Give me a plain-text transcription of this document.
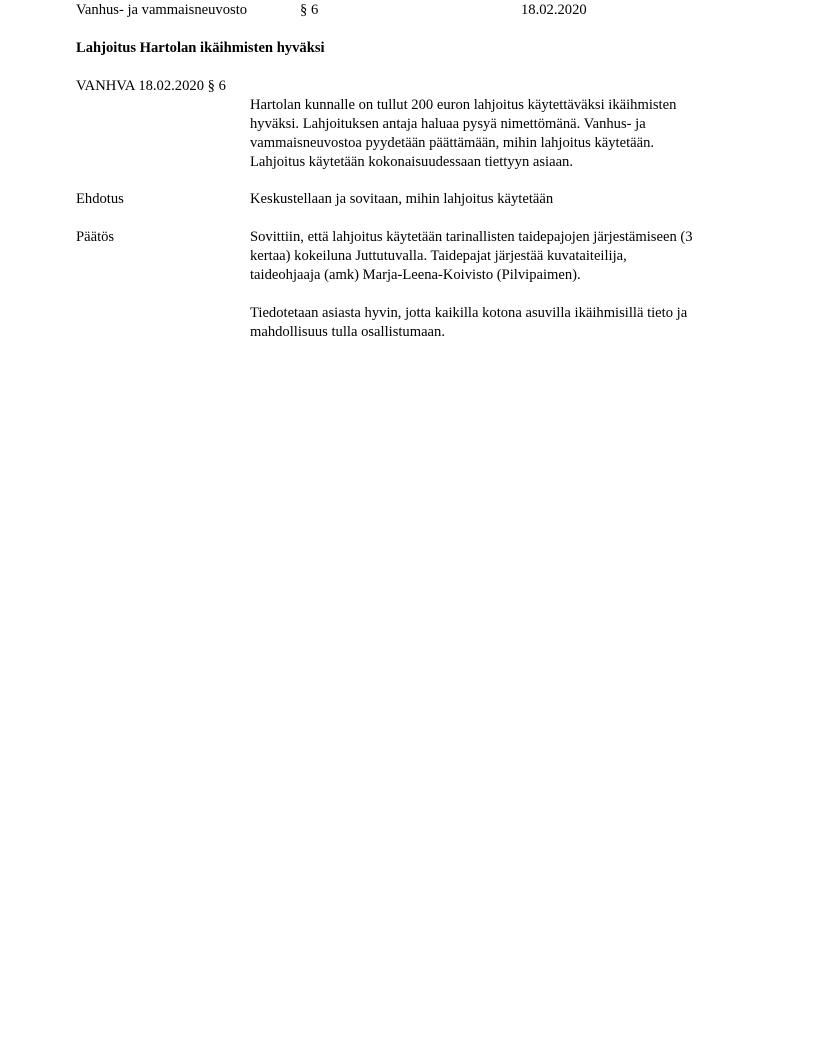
Vanhus- ja vammaisneuvosto	§ 6	18.02.2020
Lahjoitus Hartolan ikäihmisten hyväksi
VANHVA 18.02.2020 § 6
Hartolan kunnalle on tullut 200 euron lahjoitus käytettäväksi ikäihmisten
hyväksi. Lahjoituksen antaja haluaa pysyä nimettömänä. Vanhus- ja
vammaisneuvostoa pyydetään päättämään, mihin lahjoitus käytetään.
Lahjoitus käytetään kokonaisuudessaan tiettyyn asiaan.
Ehdotus	Keskustellaan ja sovitaan, mihin lahjoitus käytetään
Päätös	Sovittiin, että lahjoitus käytetään tarinallisten taidepajojen järjestämiseen (3
kertaa) kokeiluna Juttutuvalla. Taidepajat järjestää kuvataiteilija,
taideohjaaja (amk) Marja-Leena-Koivisto (Pilvipaimen).
Tiedotetaan asiasta hyvin, jotta kaikilla kotona asuvilla ikäihmisillä tieto ja
mahdollisuus tulla osallistumaan.
